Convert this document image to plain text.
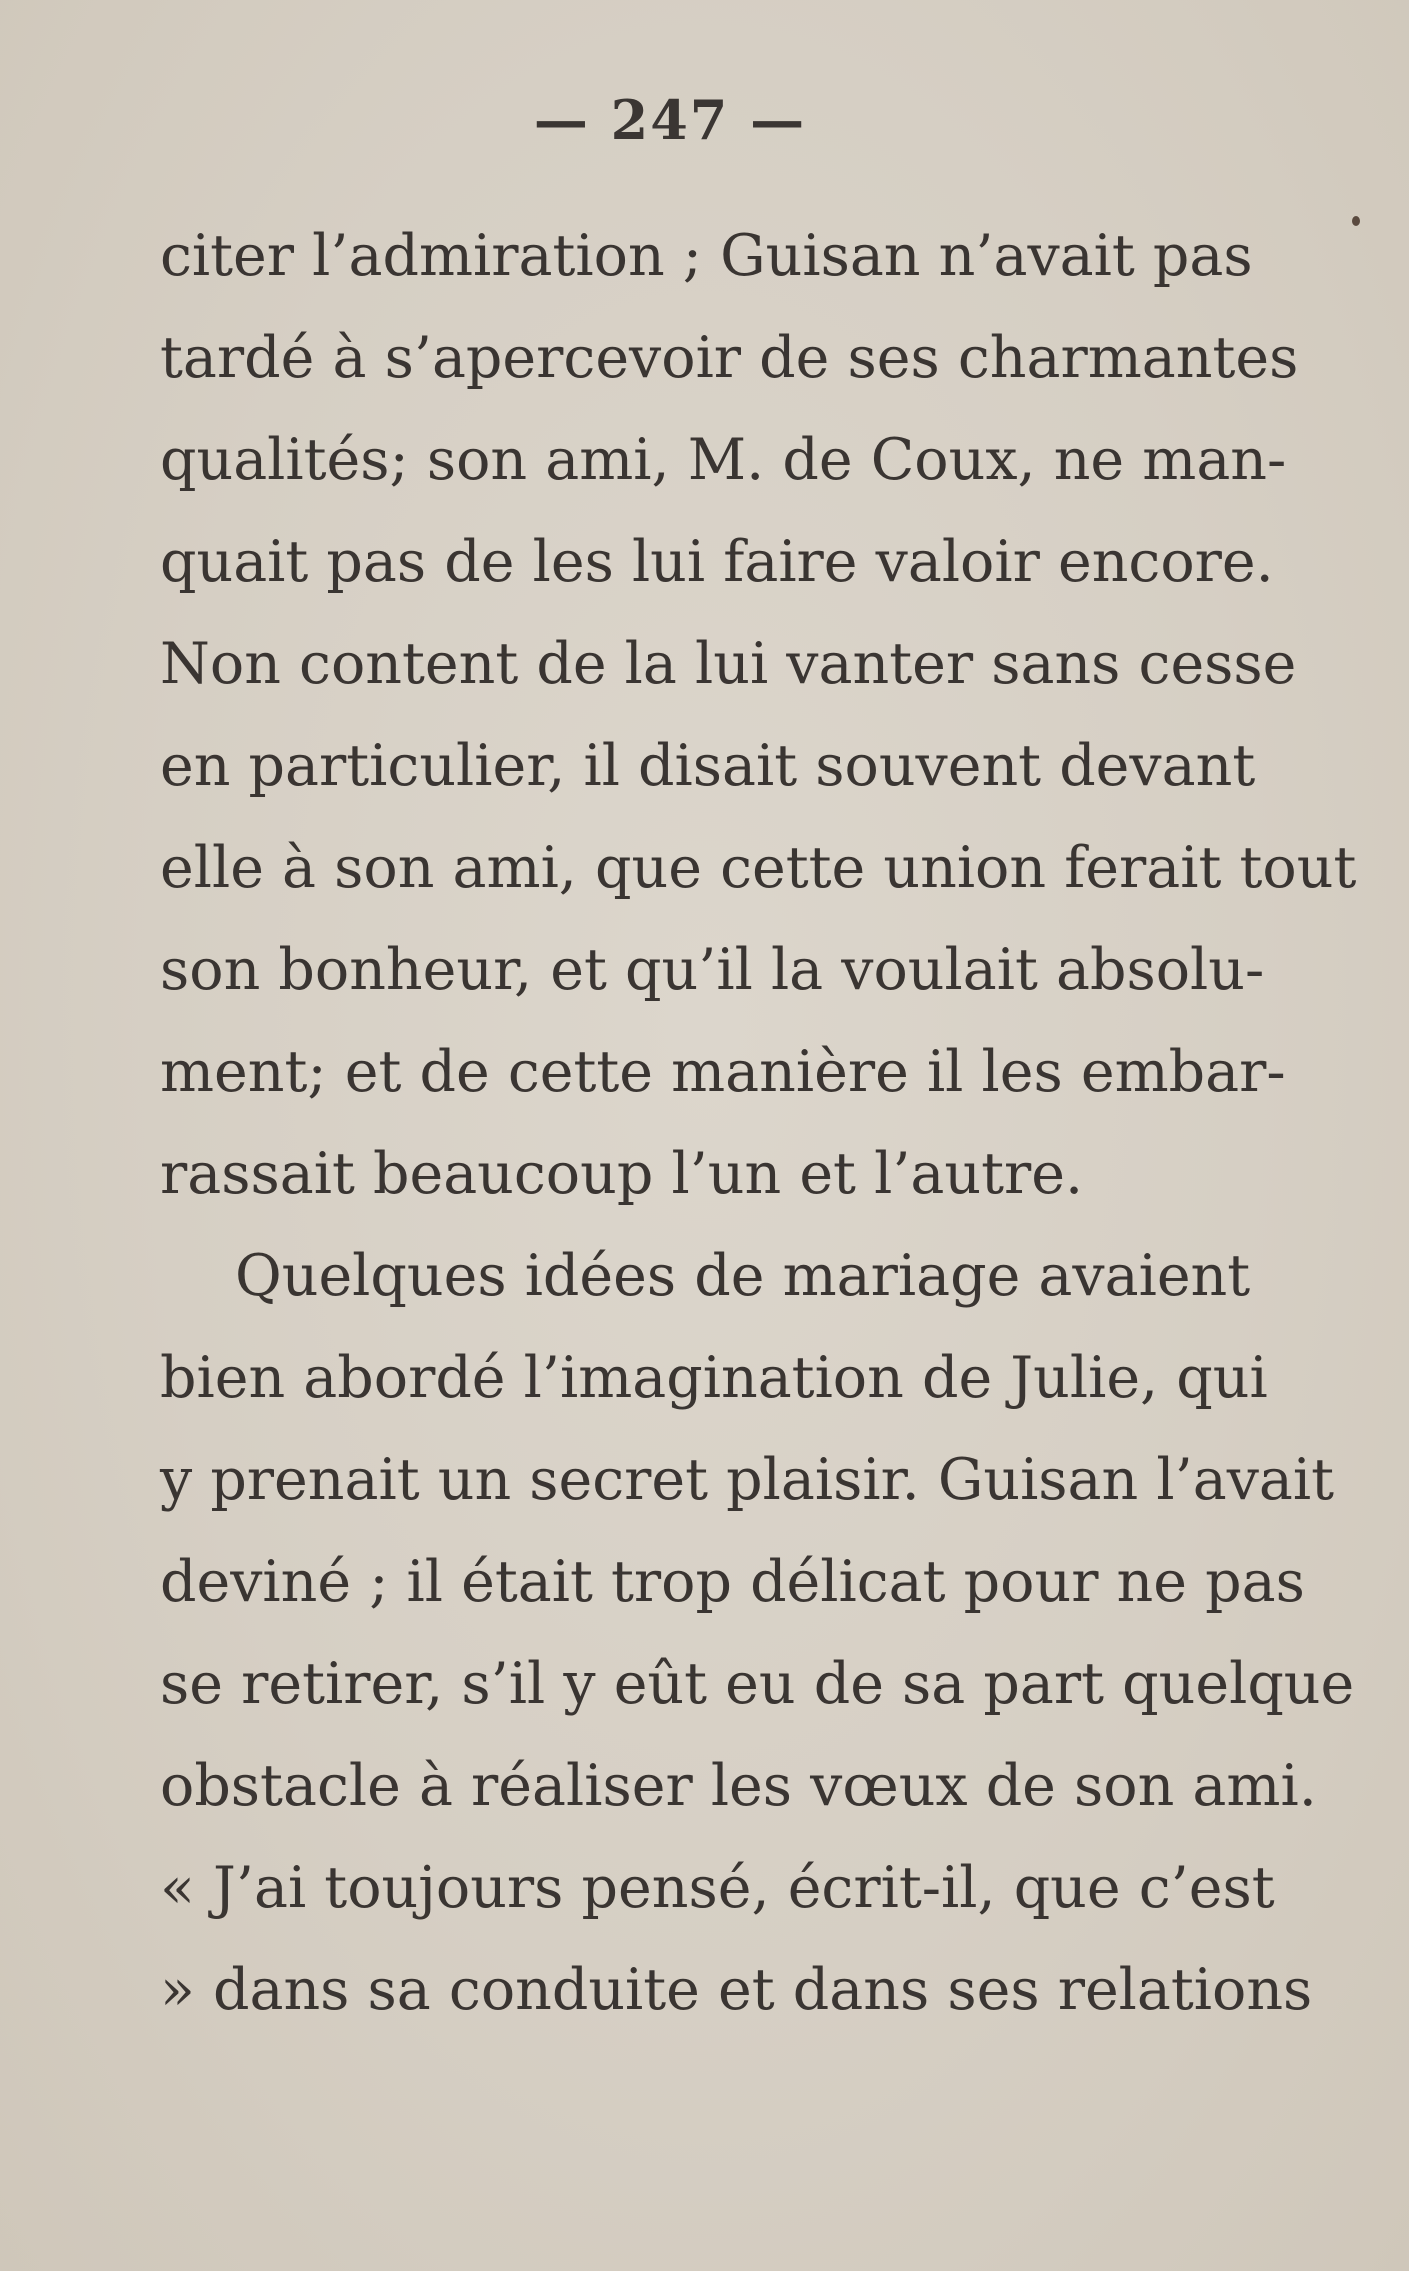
— 247 —
citer l’admiration ; Guisan n’avait pas
tardé à s’apercevoir de ses charmantes
qualités; son ami, M. de Coux, ne man-
quait pas de les lui faire valoir encore.
Non content de la lui vanter sans cesse
en particulier, il disait souvent devant
elle à son ami, que cette union ferait tout
son bonheur, et qu’il la voulait absolu-
ment; et de cette manière il les embar-
rassait beaucoup l’un et l’autre.
Quelques idées de mariage avaient
bien abordé l’imagination de Julie, qui
y prenait un secret plaisir. Guisan l’avait
deviné ; il était trop délicat pour ne pas
se retirer, s’il y eût eu de sa part quelque
obstacle à réaliser les vœux de son ami.
« J’ai toujours pensé, écrit-il, que c’est
» dans sa conduite et dans ses relations
